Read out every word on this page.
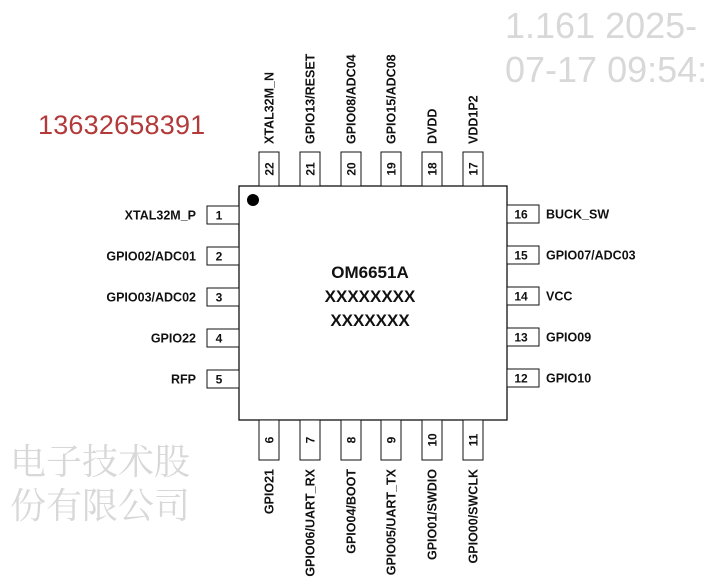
1.161 2025-07-17 09:54:
电子技术股份有限公司
OM6651A
XXXXXXXX
XXXXXXX
1
XTAL32M_P
2
GPIO02/ADC01
3
GPIO03/ADC02
4
GPIO22
5
RFP
16 BUCK_SW
15 GPIO07/ADC03
14 VCC
13 GPIO09
12 GPIO10
22
XTAL32M_N
21
GPIO13/RESET
20
GPIO08/ADC04
19
GPIO15/ADC08
18
DVDD
17
VDD1P2
6
GPIO21
7
GPIO06/UART_RX
8
GPIO04/BOOT
9
GPIO05/UART_TX
10
GPIO01/SWDIO
11
GPIO00/SWCLK
13632658391
